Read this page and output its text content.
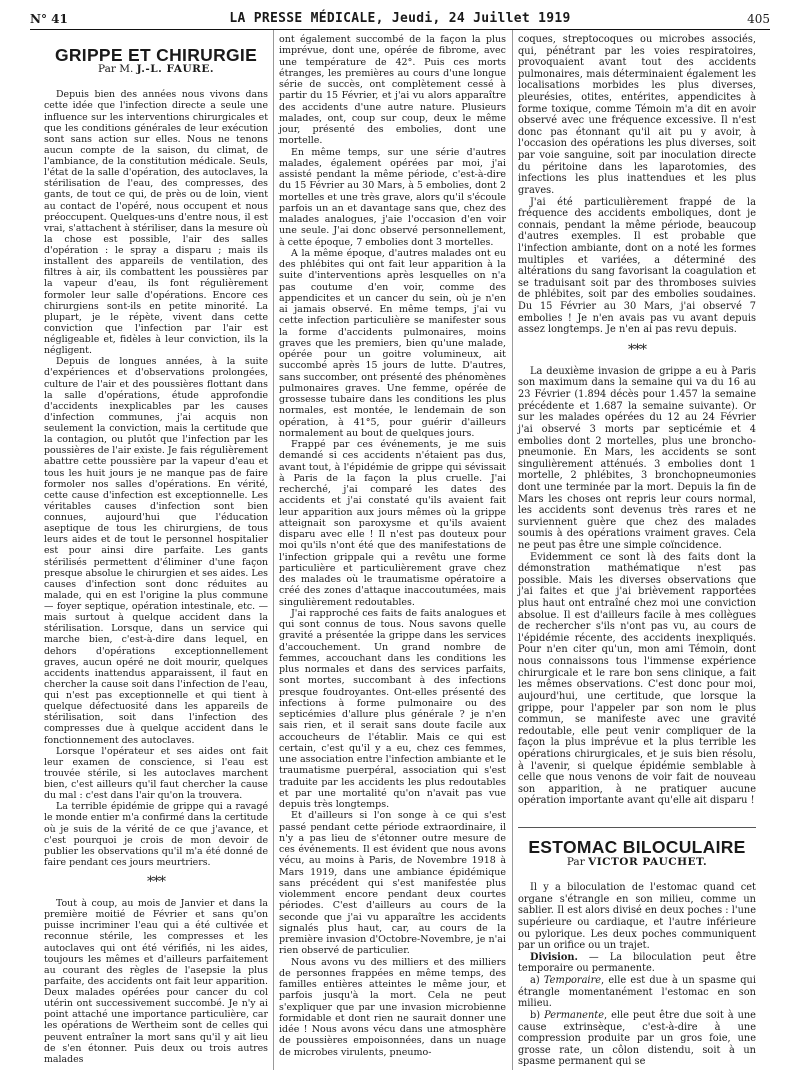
N° 41	LA PRESSE MÉDICALE, Jeudi, 24 Juillet 1919	405
GRIPPE ET CHIRURGIE
Par M. J.-L. FAURE.

Depuis bien des années nous vivons dans cette idée que l'infection directe a seule une influence sur les interventions chirurgicales et que les conditions générales de leur exécution sont sans action sur elles. Nous ne tenons aucun compte de la saison, du climat, de l'ambiance, de la constitution médicale. Seuls, l'état de la salle d'opération, des autoclaves, la stérilisation de l'eau, des compresses, des gants, de tout ce qui, de près ou de loin, vient au contact de l'opéré, nous occupent et nous préoccupent. Quelques-uns d'entre nous, il est vrai, s'attachent à stériliser, dans la mesure où la chose est possible, l'air des salles d'opération : le spray a disparu ; mais ils installent des appareils de ventilation, des filtres à air, ils combattent les poussières par la vapeur d'eau, ils font régulièrement formoler leur salle d'opérations. Encore ces chirurgiens sont-ils en petite minorité. La plupart, je le répète, vivent dans cette conviction que l'infection par l'air est négligeable et, fidèles à leur conviction, ils la négligent.

Depuis de longues années, à la suite d'expériences et d'observations prolongées, culture de l'air et des poussières flottant dans la salle d'opérations, étude approfondie d'accidents inexplicables par les causes d'infection communes, j'ai acquis non seulement la conviction, mais la certitude que la contagion, ou plutôt que l'infection par les poussières de l'air existe. Je fais régulièrement abattre cette poussière par la vapeur d'eau et tous les huit jours je ne manque pas de faire formoler nos salles d'opérations. En vérité, cette cause d'infection est exceptionnelle. Les véritables causes d'infection sont bien connues, aujourd'hui que l'éducation aseptique de tous les chirurgiens, de tous leurs aides et de tout le personnel hospitalier est pour ainsi dire parfaite. Les gants stérilisés permettent d'éliminer d'une façon presque absolue le chirurgien et ses aides. Les causes d'infection sont donc réduites au malade, qui en est l'origine la plus commune — foyer septique, opération intestinale, etc. — mais surtout à quelque accident dans la stérilisation. Lorsque, dans un service qui marche bien, c'est-à-dire dans lequel, en dehors d'opérations exceptionnellement graves, aucun opéré ne doit mourir, quelques accidents inattendus apparaissent, il faut en chercher la cause soit dans l'infection de l'eau, qui n'est pas exceptionnelle et qui tient à quelque défectuosité dans les appareils de stérilisation, soit dans l'infection des compresses due à quelque accident dans le fonctionnement des autoclaves.

Lorsque l'opérateur et ses aides ont fait leur examen de conscience, si l'eau est trouvée stérile, si les autoclaves marchent bien, c'est ailleurs qu'il faut chercher la cause du mal : c'est dans l'air qu'on la trouvera.

La terrible épidémie de grippe qui a ravagé le monde entier m'a confirmé dans la certitude où je suis de la vérité de ce que j'avance, et c'est pourquoi je crois de mon devoir de publier les observations qu'il m'a été donné de faire pendant ces jours meurtriers.

***

Tout à coup, au mois de Janvier et dans la première moitié de Février et sans qu'on puisse incriminer l'eau qui a été cultivée et reconnue stérile, les compresses et les autoclaves qui ont été vérifiés, ni les aides, toujours les mêmes et d'ailleurs parfaitement au courant des règles de l'asepsie la plus parfaite, des accidents ont fait leur apparition. Deux malades opérées pour cancer du col utérin ont successivement succombé. Je n'y ai point attaché une importance particulière, car les opérations de Wertheim sont de celles qui peuvent entraîner la mort sans qu'il y ait lieu de s'en étonner. Puis deux ou trois autres malades

ont également succombé de la façon la plus imprévue, dont une, opérée de fibrome, avec une température de 42°. Puis ces morts étranges, les premières au cours d'une longue série de succès, ont complètement cessé à partir du 15 Février, et j'ai vu alors apparaître des accidents d'une autre nature. Plusieurs malades, ont, coup sur coup, deux le même jour, présenté des embolies, dont une mortelle.

En même temps, sur une série d'autres malades, également opérées par moi, j'ai assisté pendant la même période, c'est-à-dire du 15 Février au 30 Mars, à 5 embolies, dont 2 mortelles et une très grave, alors qu'il s'écoule parfois un an et davantage sans que, chez des malades analogues, j'aie l'occasion d'en voir une seule. J'ai donc observé personnellement, à cette époque, 7 embolies dont 3 mortelles.

A la même époque, d'autres malades ont eu des phlébites qui ont fait leur apparition à la suite d'interventions après lesquelles on n'a pas coutume d'en voir, comme des appendicites et un cancer du sein, où je n'en ai jamais observé. En même temps, j'ai vu cette infection particulière se manifester sous la forme d'accidents pulmonaires, moins graves que les premiers, bien qu'une malade, opérée pour un goitre volumineux, ait succombé après 15 jours de lutte. D'autres, sans succomber, ont présenté des phénomènes pulmonaires graves. Une femme, opérée de grossesse tubaire dans les conditions les plus normales, est montée, le lendemain de son opération, à 41°5, pour guérir d'ailleurs normalement au bout de quelques jours.

Frappé par ces événements, je me suis demandé si ces accidents n'étaient pas dus, avant tout, à l'épidémie de grippe qui sévissait à Paris de la façon la plus cruelle. J'ai recherché, j'ai comparé les dates des accidents et j'ai constaté qu'ils avaient fait leur apparition aux jours mêmes où la grippe atteignait son paroxysme et qu'ils avaient disparu avec elle ! Il n'est pas douteux pour moi qu'ils n'ont été que des manifestations de l'infection grippale qui a revêtu une forme particulière et particulièrement grave chez des malades où le traumatisme opératoire a créé des zones d'attaque inaccoutumées, mais singulièrement redoutables.

J'ai rapproché ces faits de faits analogues et qui sont connus de tous. Nous savons quelle gravité a présentée la grippe dans les services d'accouchement. Un grand nombre de femmes, accouchant dans les conditions les plus normales et dans des services parfaits, sont mortes, succombant à des infections presque foudroyantes. Ont-elles présenté des infections à forme pulmonaire ou des septicémies d'allure plus générale ? je n'en sais rien, et il serait sans doute facile aux accoucheurs de l'établir. Mais ce qui est certain, c'est qu'il y a eu, chez ces femmes, une association entre l'infection ambiante et le traumatisme puerpéral, association qui s'est traduite par les accidents les plus redoutables et par une mortalité qu'on n'avait pas vue depuis très longtemps.

Et d'ailleurs si l'on songe à ce qui s'est passé pendant cette période extraordinaire, il n'y a pas lieu de s'étonner outre mesure de ces événements. Il est évident que nous avons vécu, au moins à Paris, de Novembre 1918 à Mars 1919, dans une ambiance épidémique sans précédent qui s'est manifestée plus violemment encore pendant deux courtes périodes. C'est d'ailleurs au cours de la seconde que j'ai vu apparaître les accidents signalés plus haut, car, au cours de la première invasion d'Octobre-Novembre, je n'ai rien observé de particulier.

Nous avons vu des milliers et des milliers de personnes frappées en même temps, des familles entières atteintes le même jour, et parfois jusqu'à la mort. Cela ne peut s'expliquer que par une invasion microbienne formidable et dont rien ne saurait donner une idée ! Nous avons vécu dans une atmosphère de poussières empoisonnées, dans un nuage de microbes virulents, pneumo-

coques, streptocoques ou microbes associés, qui, pénétrant par les voies respiratoires, provoquaient avant tout des accidents pulmonaires, mais déterminaient également les localisations morbides les plus diverses, pleurésies, otites, entérites, appendicites à forme toxique, comme Témoin m'a dit en avoir observé avec une fréquence excessive. Il n'est donc pas étonnant qu'il ait pu y avoir, à l'occasion des opérations les plus diverses, soit par voie sanguine, soit par inoculation directe du péritoine dans les laparotomies, des infections les plus inattendues et les plus graves.

J'ai été particulièrement frappé de la fréquence des accidents emboliques, dont je connais, pendant la même période, beaucoup d'autres exemples. Il est probable que l'infection ambiante, dont on a noté les formes multiples et variées, a déterminé des altérations du sang favorisant la coagulation et se traduisant soit par des thromboses suivies de phlébites, soit par des embolies soudaines. Du 15 Février au 30 Mars, j'ai observé 7 embolies ! Je n'en avais pas vu avant depuis assez longtemps. Je n'en ai pas revu depuis.

***

La deuxième invasion de grippe a eu à Paris son maximum dans la semaine qui va du 16 au 23 Février (1.894 décès pour 1.457 la semaine précédente et 1.687 la semaine suivante). Or sur les malades opérées du 12 au 24 Février j'ai observé 3 morts par septicémie et 4 embolies dont 2 mortelles, plus une broncho-pneumonie. En Mars, les accidents se sont singulièrement atténués. 3 embolies dont 1 mortelle, 2 phlébites, 3 bronchopneumonies dont une terminée par la mort. Depuis la fin de Mars les choses ont repris leur cours normal, les accidents sont devenus très rares et ne surviennent guère que chez des malades soumis à des opérations vraiment graves. Cela ne peut pas être une simple coïncidence.

Evidemment ce sont là des faits dont la démonstration mathématique n'est pas possible. Mais les diverses observations que j'ai faites et que j'ai brièvement rapportées plus haut ont entraîné chez moi une conviction absolue. Il est d'ailleurs facile à mes collègues de rechercher s'ils n'ont pas vu, au cours de l'épidémie récente, des accidents inexpliqués. Pour n'en citer qu'un, mon ami Témoin, dont nous connaissons tous l'immense expérience chirurgicale et le rare bon sens clinique, a fait les mêmes observations. C'est donc pour moi, aujourd'hui, une certitude, que lorsque la grippe, pour l'appeler par son nom le plus commun, se manifeste avec une gravité redoutable, elle peut venir compliquer de la façon la plus imprévue et la plus terrible les opérations chirurgicales, et je suis bien résolu, à l'avenir, si quelque épidémie semblable à celle que nous venons de voir fait de nouveau son apparition, à ne pratiquer aucune opération importante avant qu'elle ait disparu !

ESTOMAC BILOCULAIRE
Par VICTOR PAUCHET.

Il y a biloculation de l'estomac quand cet organe s'étrangle en son milieu, comme un sablier. Il est alors divisé en deux poches : l'une supérieure ou cardiaque, et l'autre inférieure ou pylorique. Les deux poches communiquent par un orifice ou un trajet.

Division. — La biloculation peut être temporaire ou permanente.

a) Temporaire, elle est due à un spasme qui étrangle momentanément l'estomac en son milieu.

b) Permanente, elle peut être due soit à une cause extrinsèque, c'est-à-dire à une compression produite par un gros foie, une grosse rate, un côlon distendu, soit à un spasme permanent qui se
